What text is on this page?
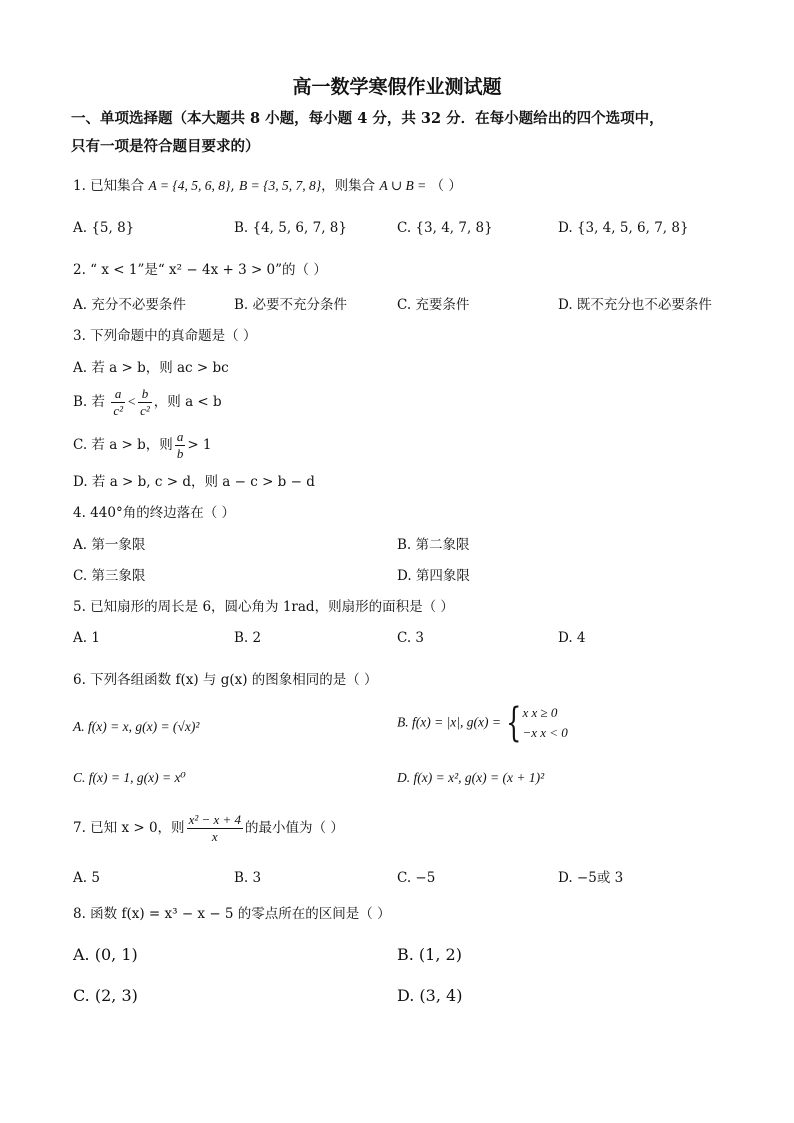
高一数学寒假作业测试题
一、单项选择题（本大题共 8 小题，每小题 4 分，共 32 分．在每小题给出的四个选项中，
只有一项是符合题目要求的）
1. 已知集合 A = {4, 5, 6, 8}, B = {3, 5, 7, 8}，则集合 A ∪ B = （ ）
A. {5, 8}	B. {4, 5, 6, 7, 8}	C. {3, 4, 7, 8}	D. {3, 4, 5, 6, 7, 8}
2. “ x < 1”是“ x² − 4x + 3 > 0”的（ ）
A. 充分不必要条件	B. 必要不充分条件	C. 充要条件	D. 既不充分也不必要条件
3. 下列命题中的真命题是（ ）
A. 若 a > b，则 ac > bc
B. 若 $\frac{a}{\text{c²}} < \frac{b}{\text{c²}}$ ，则 a < b
C. 若 a > b，则 $\frac{a}{b} > 1$
D. 若 a > b, c > d，则 a − c > b − d
4. 440°角的终边落在（ ）
A. 第一象限	B. 第二象限
C. 第三象限	D. 第四象限
5. 已知扇形的周长是 6，圆心角为 1rad，则扇形的面积是（ ）
A. 1	B. 2	C. 3	D. 4
6. 下列各组函数 f(x) 与 g(x) 的图象相同的是（ ）
A. f(x) = x, g(x) = (√x)²	B. f(x) = |x|, g(x) = { x x ≥ 0
−x x < 0
C. f(x) = 1, g(x) = x⁰	D. f(x) = x², g(x) = (x + 1)²
7. 已知 x > 0，则 $\frac{\text{x² − x + 4}}{x}$ 的最小值为（ ）
A. 5	B. 3	C. −5	D. −5或 3
8. 函数 f(x) = x³ − x − 5 的零点所在的区间是（ ）
A. (0, 1)	B. (1, 2)
C. (2, 3)	D. (3, 4)
